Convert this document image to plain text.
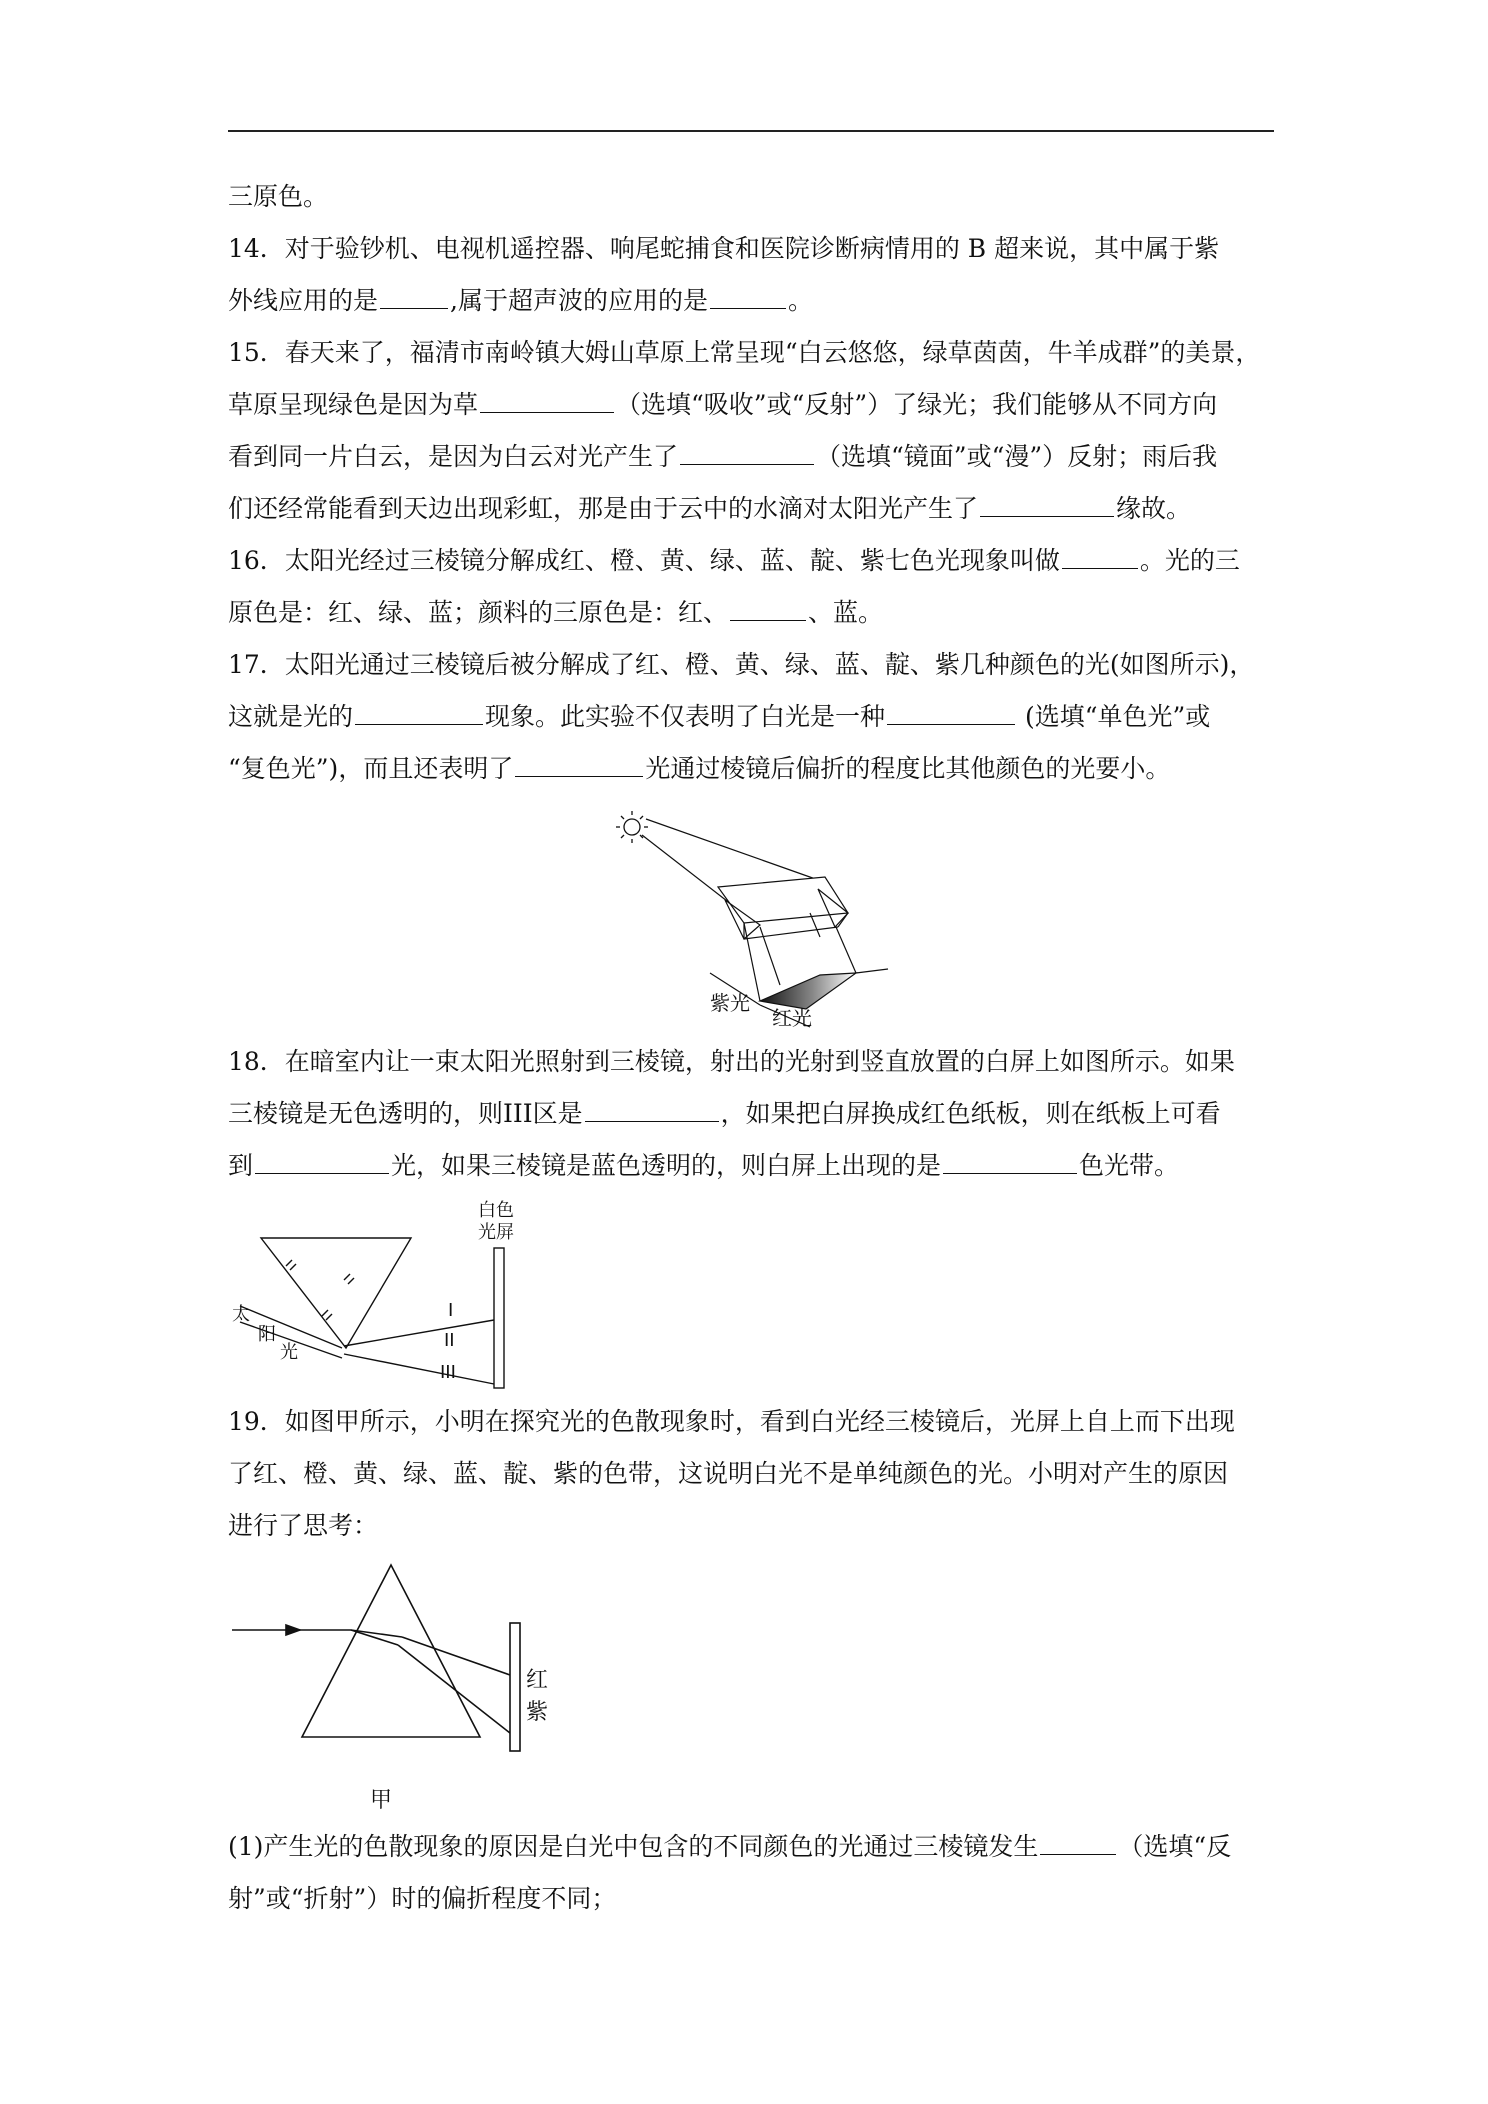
三原色。
14．对于验钞机、电视机遥控器、响尾蛇捕食和医院诊断病情用的 B 超来说，其中属于紫
外线应用的是	,属于超声波的应用的是	。
15．春天来了，福清市南岭镇大姆山草原上常呈现“白云悠悠，绿草茵茵，牛羊成群”的美景，
草原呈现绿色是因为草	（选填“吸收”或“反射”）了绿光；我们能够从不同方向
看到同一片白云，是因为白云对光产生了	（选填“镜面”或“漫”）反射；雨后我
们还经常能看到天边出现彩虹，那是由于云中的水滴对太阳光产生了	缘故。
16．太阳光经过三棱镜分解成红、橙、黄、绿、蓝、靛、紫七色光现象叫做	。光的三
原色是：红、绿、蓝；颜料的三原色是：红、	、蓝。
17．太阳光通过三棱镜后被分解成了红、橙、黄、绿、蓝、靛、紫几种颜色的光(如图所示)，
这就是光的	现象。此实验不仅表明了白光是一种	(选填“单色光”或
“复色光”)，而且还表明了	光通过棱镜后偏折的程度比其他颜色的光要小。
紫光
红光
18．在暗室内让一束太阳光照射到三棱镜，射出的光射到竖直放置的白屏上如图所示。如果
三棱镜是无色透明的，则III区是	，如果把白屏换成红色纸板，则在纸板上可看
到	光，如果三棱镜是蓝色透明的，则白屏上出现的是	色光带。
白色
光屏
太
阳
光
I
II
III
19．如图甲所示，小明在探究光的色散现象时，看到白光经三棱镜后，光屏上自上而下出现
了红、橙、黄、绿、蓝、靛、紫的色带，这说明白光不是单纯颜色的光。小明对产生的原因
进行了思考：
红
紫
甲
(1)产生光的色散现象的原因是白光中包含的不同颜色的光通过三棱镜发生	（选填“反
射”或“折射”）时的偏折程度不同；
